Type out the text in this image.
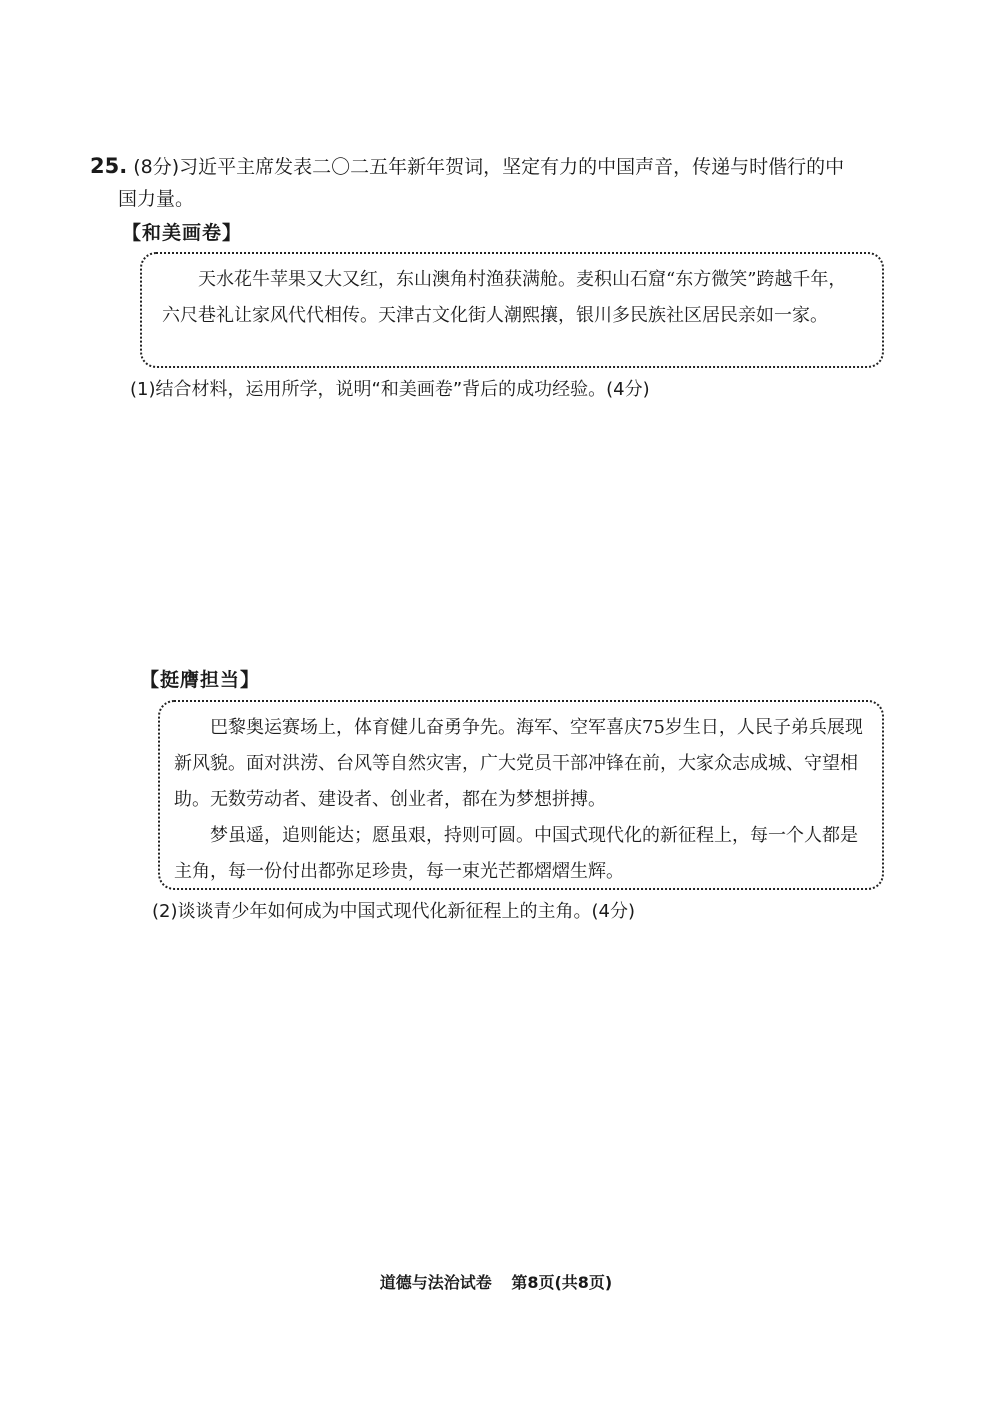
25. (8分)习近平主席发表二〇二五年新年贺词，坚定有力的中国声音，传递与时偕行的中
国力量。
【和美画卷】

天水花牛苹果又大又红，东山澳角村渔获满舱。麦积山石窟“东方微笑”跨越千年，六尺巷礼让家风代代相传。天津古文化街人潮熙攘，银川多民族社区居民亲如一家。

(1)结合材料，运用所学，说明“和美画卷”背后的成功经验。(4分)
【挺膺担当】

巴黎奥运赛场上，体育健儿奋勇争先。海军、空军喜庆75岁生日，人民子弟兵展现新风貌。面对洪涝、台风等自然灾害，广大党员干部冲锋在前，大家众志成城、守望相助。无数劳动者、建设者、创业者，都在为梦想拼搏。

梦虽遥，追则能达；愿虽艰，持则可圆。中国式现代化的新征程上，每一个人都是主角，每一份付出都弥足珍贵，每一束光芒都熠熠生辉。

(2)谈谈青少年如何成为中国式现代化新征程上的主角。(4分)
道德与法治试卷 第8页(共8页)
